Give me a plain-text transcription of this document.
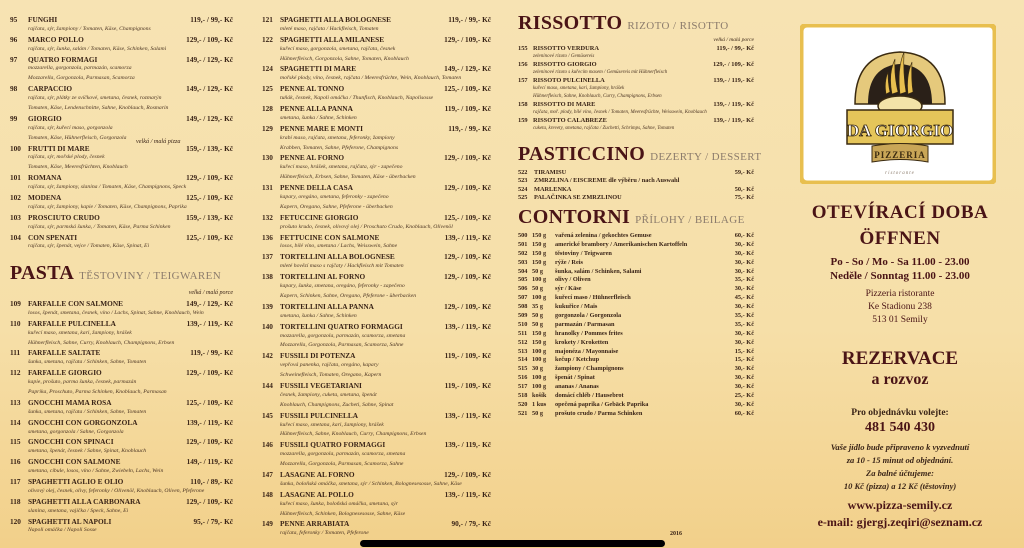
95	FUNGHI	119,- / 99,- Kč
rajčata, sýr, žampiony / Tomaten, Käse, Champignons
96	MARCO POLLO	129,- / 109,- Kč
rajčata, sýr, šunka, salám / Tomaten, Käse, Schinken, Salami
97	QUATRO FORMAGI	149,- / 129,- Kč
mozzarella, gorgonzola, parmazán, scamorza
Mozzarella, Gorgonzola, Parmasan, Scamorza
98	CARPACCIO	149,- / 129,- Kč
rajčata, sýr, plátky ze svíčkové, smetana, česnek, rozmarýn
Tomaten, Käse, Lendenschnitte, Sahne, Knoblauch, Rosmarin
99	GIORGIO	149,- / 129,- Kč
rajčata, sýr, kuřecí maso, gorgonzola
Tomaten, Käse, Hühnerfleisch, Gorgonzola
100 FRUTTI DI MARE	159,- / 139,- Kč
rajčata, sýr, mořské plody, česnek
Tomaten, Käse, Meeresfrüchten, Knoblauch
101 ROMANA	129,- / 109,- Kč
rajčata, sýr, žampiony, slanina / Tomaten, Käse, Champignons, Speck
102 MODENA	125,- / 109,- Kč
rajčata, sýr, žampiony, kapie / Tomaten, Käse, Champignons, Paprika
103 PROSCIUTO CRUDO	159,- / 139,- Kč
rajčata, sýr, parmská šunka, / Tomaten, Käse, Parma Schinken
104 CON SPENATI	125,- / 109,- Kč
rajčata, sýr, špenát, vejce / Tomaten, Käse, Spinat, Ei
velká / malá pizza
PASTA TĚSTOVINY / TEIGWAREN
velká / malá porce
109 FARFALLE CON SALMONE	149,- / 129,- Kč
losos, špenát, smetana, česnek, víno / Lachs, Spinat, Sahne, Knoblauch, Wein
110	FARFALLE PULCINELLA	139,- / 119,- Kč
kuřecí maso, smetana, kari, žampiony, hrášek
Hühnerfleisch, Sahne, Curry, Knoblauch, Champignons, Erbsen
111	FARFALLE SALTATE	119,- / 99,- Kč
šunka, smetana, rajčata / Schinken, Sahne, Tomaten
112	FARFALLE GIORGIO	129,- / 109,- Kč
kapie, prošuto, parma šunka, česnek, parmazán
Paprika, Proschuto, Parma Schinken, Knoblauch, Parmasan
113	GNOCCHI MAMA ROSA	125,- / 109,- Kč
šunka, smetana, rajčata / Schinken, Sahne, Tomaten
114	GNOCCHI CON GORGONZOLA	139,- / 119,- Kč
smetana, gorgonzola / Sahne, Gorgonzola
115	GNOCCHI CON SPINACI	129,- / 109,- Kč
smetana, špenát, česnek / Sahne, Spinat, Knoblauch
116	GNOCCHI CON SALMONE	149,- / 119,- Kč
smetana, cibule, losos, víno / Sahne, Zwiebeln, Lachs, Wein
117	SPAGHETTI AGLIO E OLIO	110,- / 89,- Kč
olivový olej, česnek, olivy, feferonky / Olivenöl, Knoblauch, Oliven, Pfeferone
118	SPAGHETTI ALLA CARBONARA	129,- / 109,- Kč
slanina, smetana, vajíčka / Speck, Sahne, Ei
120 SPAGHETTI AL NAPOLI	95,- / 79,- Kč
Napoli omáčka / Napoli Sosse
121 SPAGHETTI ALLA BOLOGNESE	119,- / 99,- Kč
mleté maso, rajčata / Hackfleisch, Tomaten
122 SPAGHETTI ALLA MILANESE	129,- / 109,- Kč
kuřecí maso, gorgonzola, smetana, rajčata, česnek
Hühnerfleisch, Gorgonzola, Sahne, Tomaten, Knoblauch
124 SPAGHETTI DI MARE	149,- / 129,- Kč
mořské plody, víno, česnek, rajčata / Meeresfrüchte, Wein, Knoblauch, Tomaten
125 PENNE AL TONNO	125,- / 109,- Kč
tuňák, česnek, Napoli omáčka / Thunfisch, Knoblauch, Napolisosse
128 PENNE ALLA PANNA	119,- / 109,- Kč
smetana, šunka / Sahne, Schinken
129 PENNE MARE E MONTI	119,- / 99,- Kč
krabí maso, rajčata, smetana, feferonky, žampiony
Krabben, Tomaten, Sahne, Pfeferone, Champignons
130 PENNE AL FORNO	129,- / 109,- Kč
kuřecí maso, hrášek, smetana, rajčata, sýr - zapečeno
Hühnerfleisch, Erbsen, Sahne, Tomaten, Käse - überbacken
131 PENNE DELLA CASA	129,- / 109,- Kč
kapary, oregáno, smetana, feferonky - zapečeno
Kapern, Oregano, Sahne, Pfeferone - überbacken
132 FETUCCINE GIORGIO	125,- / 109,- Kč
prošuto krudo, česnek, olivový olej / Proschuto Crudo, Knoblauch, Olivenöl
136 FETTUCINE CON SALMONE	139,- / 119,- Kč
losos, bílé víno, smetana / Lachs, Weisswein, Sahne
137 TORTELLINI ALLA BOLOGNESE	129,- / 109,- Kč
mleté hovězí maso s rajčaty / Hackfleisch mit Tomaten
138 TORTELLINI AL FORNO	129,- / 109,- Kč
kapary, šunka, smetana, oregáno, feferonky - zapečeno
Kapern, Schinken, Sahne, Oregano, Pfeferone - überbacken
139 TORTELLINI ALLA PANNA	129,- / 109,- Kč
smetana, šunka / Sahne, Schinken
140 TORTELLINI QUATRO FORMAGGI	139,- / 119,- Kč
mozzarella, gorgonzola, parmazán, scamorza, smetana
Mozzarella, Gorgonzola, Parmasan, Scamorza, Sahne
142 FUSSILI DI POTENZA	119,- / 109,- Kč
vepřová panenka, rajčata, oregáno, kapary
Schweinefleisch, Tomaten, Oregano, Kapern
144 FUSSILI VEGETARIANI	119,- / 109,- Kč
česnek, žampiony, cuketa, smetana, špenát
Knoblauch, Champignons, Zucheti, Sahne, Spinat
145 FUSSILI PULCINELLA	139,- / 119,- Kč
kuřecí maso, smetana, kari, žampiony, hrášek
Hühnerfleisch, Sahne, Knoblauch, Curry, Champignons, Erbsen
146 FUSSILI QUATRO FORMAGGI	139,- / 119,- Kč
mozzarella, gorgonzola, parmazán, scamorza, smetana
Mozzarella, Gorgonzola, Parmasan, Scamorza, Sahne
147 LASAGNE AL FORNO	129,- / 109,- Kč
šunka, boloňská omáčka, smetana, sýr / Schinken, Bolognesesosse, Sahne, Käse
148 LASAGNE AL POLLO	139,- / 119,- Kč
kuřecí maso, šunka, boloňská omáčka, smetana, sýr
Hühnerfleisch, Schinken, Bolognesesosse, Sahne, Käse
149 PENNE ARRABIATA	90,- / 79,- Kč
rajčata, feferonky / Tomaten, Pfeferone
RISSOTTO RIZOTO / RISOTTO
velká / malá porce
155 RISSOTTO VERDURA	119,- / 99,- Kč
zeleninové rizoto / Gemüsereis
156 RISSOTTO GIORGIO	129,- / 109,- Kč
zeleninové rizoto s kuřecím masem / Gemüsereis mit Hühnerfleisch
157 RISSOTO PULCINELLA	139,- / 119,- Kč
kuřecí maso, smetana, kari, žampiony, hrášek
Hühnerfleisch, Sahne, Knoblauch, Curry, Champignons, Erbsen
158 RISSOTTO DI MARE	139,- / 119,- Kč
rajčata, moř. plody, bílé víno, česnek / Tomaten, Meeresfrüchte, Weisswein, Knoblauch
159 RISSOTTO CALABREZE	139,- / 119,- Kč
cuketa, krevety, smetana, rajčata / Zuchetti, Schrimps, Sahne, Tomaten
PASTICCINO DEZERTY / DESSERT
522	TIRAMISU	59,- Kč
523	ZMRZLINA / EISCREME dle výběru / nach Auswahl
524	MARLENKA	50,- Kč
525	PALAČINKA SE ZMRZLINOU	75,- Kč
CONTORNI PŘÍLOHY / BEILAGE
500 150 g	vařená zelenina / gekochtes Gemuse	60,- Kč
501 150 g	americké brambory / Amerikanischen Kartoffeln	30,- Kč
502 150 g	těstoviny / Teigwaren	30,- Kč
503 150 g	rýže / Reis	30,- Kč
504 50 g	šunka, salám / Schinken, Salami	30,- Kč
505 100 g	olivy / Oliven	35,- Kč
506 50 g	sýr / Käse	30,- Kč
507 100 g	kuřecí maso / Hühnerfleisch	45,- Kč
508 35 g	kukuřice / Mais	30,- Kč
509 50 g	gorgonzola / Gorgonzola	35,- Kč
510 50 g	parmazán / Parmasan	35,- Kč
511 150 g	hranolky / Pommes frites	30,- Kč
512 150 g	krokety / Kroketten	30,- Kč
513 100 g	majonéza / Mayonnaise	15,- Kč
514 100 g	kečup / Ketchup	15,- Kč
515 30 g	žampiony / Champignons	30,- Kč
516 100 g	špenát / Spinat	30,- Kč
517 100 g	ananas / Ananas	30,- Kč
518 košík	domácí chléb / Hausebrot	25,- Kč
520 1 kus	opečená paprika / Gebäck Paprika	30,- Kč
521 50 g	prošuto crudo / Parma Schinken	60,- Kč
2016
DA GIORGIO
PIZZERIA
ristorante
OTEVÍRACÍ DOBA
ÖFFNEN
Po - So / Mo - Sa 11.00 - 23.00
Neděle / Sonntag 11.00 - 23.00
Pizzeria ristorante
Ke Stadionu 238
513 01 Semily
REZERVACE
a rozvoz
Pro objednávku volejte:
481 540 430
Vaše jídlo bude připraveno k vyzvednutí
za 10 - 15 minut od objednání.
Za balné účtujeme:
10 Kč (pizza) a 12 Kč (těstoviny)
www.pizza-semily.cz
e-mail: gjergj.zeqiri@seznam.cz
